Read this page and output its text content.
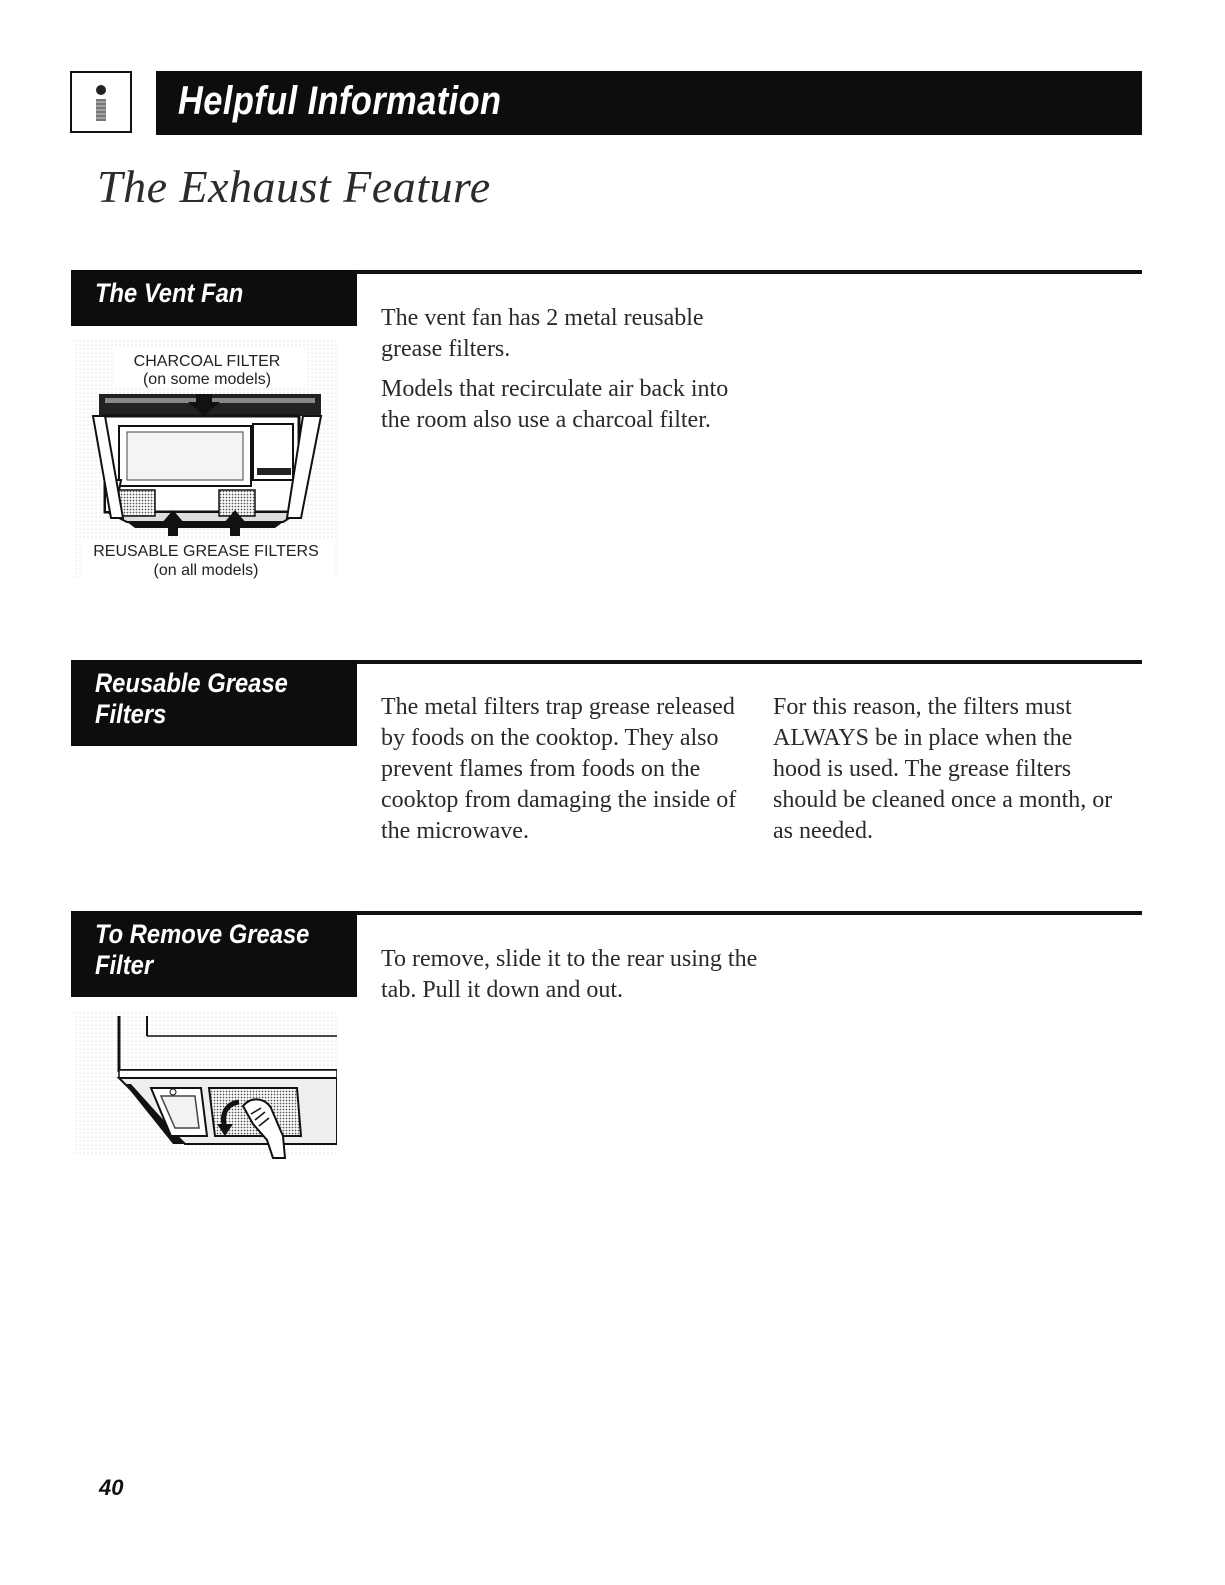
Helpful Information
The Exhaust Feature
The Vent Fan

The vent fan has 2 metal reusable grease filters.

Models that recirculate air back into the room also use a charcoal filter.

CHARCOAL FILTER
(on some models)
REUSABLE GREASE FILTERS
(on all models)
Reusable Grease
Filters	The metal filters trap grease released by foods on the cooktop. They also prevent flames from foods on the cooktop from damaging the inside of the microwave.

For this reason, the filters must ALWAYS be in place when the hood is used. The grease filters should be cleaned once a month, or as needed.

To Remove Grease
Filter	To remove, slide it to the rear using the tab. Pull it down and out.

40
